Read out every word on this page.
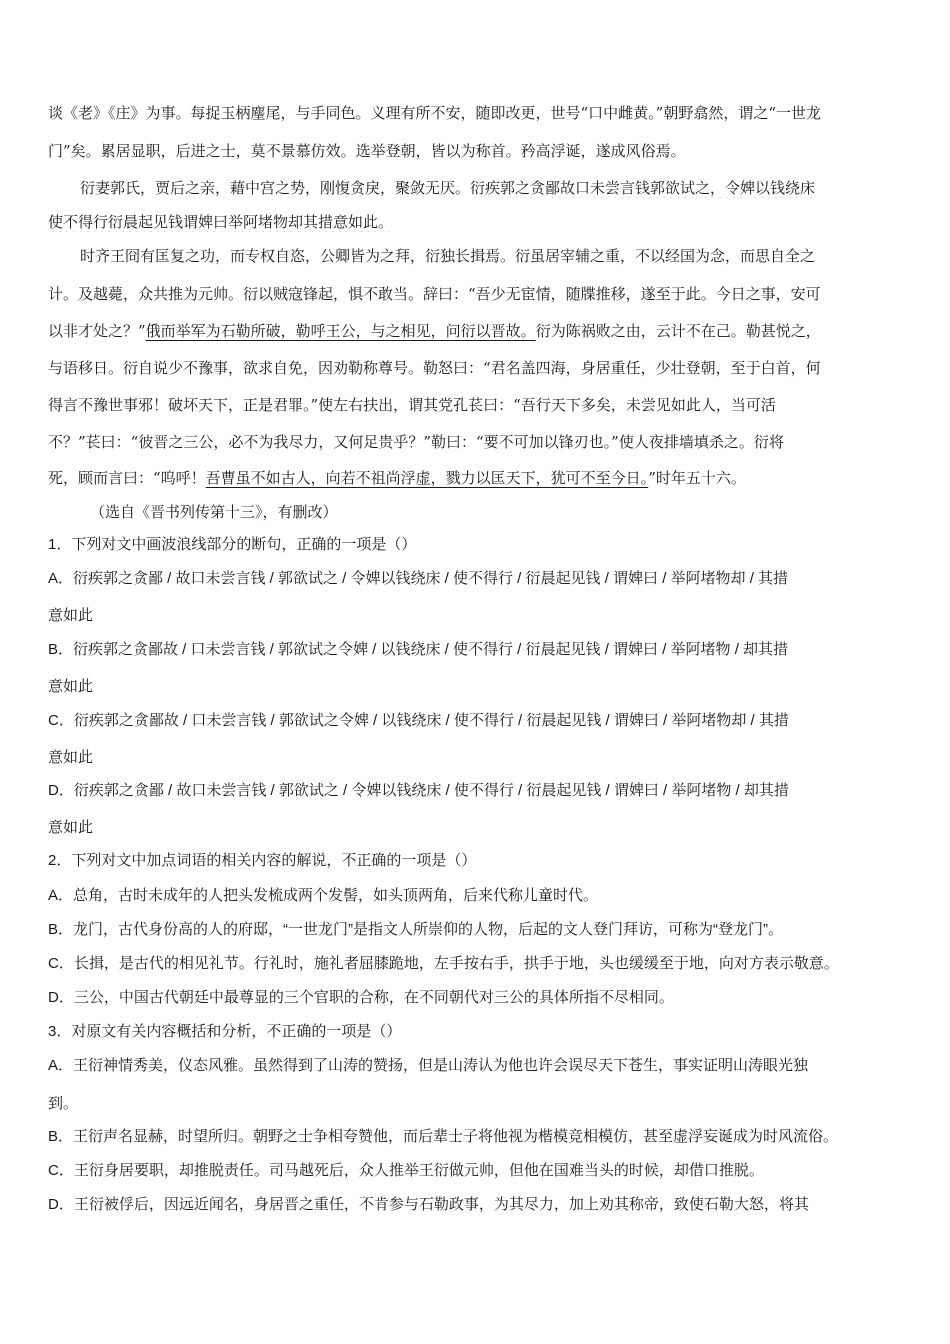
谈《老》《庄》为事。每捉玉柄麈尾，与手同色。义理有所不安，随即改更，世号“口中雌黄。”朝野翕然，谓之“一世龙
门”矣。累居显职，后进之士，莫不景慕仿效。选举登朝，皆以为称首。矜高浮诞，遂成风俗焉。
衍妻郭氏，贾后之亲，藉中宫之势，刚愎贪戾，聚敛无厌。衍疾郭之贪鄙故口未尝言钱郭欲试之，令婢以钱绕床
使不得行衍晨起见钱谓婢曰举阿堵物却其措意如此。
时齐王冏有匡复之功，而专权自恣，公卿皆为之拜，衍独长揖焉。衍虽居宰辅之重，不以经国为念，而思自全之
计。及越薨，众共推为元帅。衍以贼寇锋起，惧不敢当。辞曰：“吾少无宦情，随牒推移，遂至于此。今日之事，安可
以非才处之？”俄而举军为石勒所破，勒呼王公，与之相见，问衍以晋故。衍为陈祸败之由，云计不在己。勒甚悦之，
与语移日。衍自说少不豫事，欲求自免，因劝勒称尊号。勒怒曰：“君名盖四海，身居重任，少壮登朝，至于白首，何
得言不豫世事邪！破坏天下，正是君罪。”使左右扶出，谓其党孔苌曰：“吾行天下多矣，未尝见如此人，当可活
不？”苌曰：“彼晋之三公，必不为我尽力，又何足贵乎？”勒曰：“要不可加以锋刃也。”使人夜排墙填杀之。衍将
死，顾而言曰：“呜呼！吾曹虽不如古人，向若不祖尚浮虚，戮力以匡天下，犹可不至今日。”时年五十六。
（选自《晋书列传第十三》，有删改）
1．下列对文中画波浪线部分的断句，正确的一项是（）
A．衍疾郭之贪鄙 / 故口未尝言钱 / 郭欲试之 / 令婢以钱绕床 / 使不得行 / 衍晨起见钱 / 谓婢曰 / 举阿堵物却 / 其措
意如此
B．衍疾郭之贪鄙故 / 口未尝言钱 / 郭欲试之令婢 / 以钱绕床 / 使不得行 / 衍晨起见钱 / 谓婢曰 / 举阿堵物 / 却其措
意如此
C．衍疾郭之贪鄙故 / 口未尝言钱 / 郭欲试之令婢 / 以钱绕床 / 使不得行 / 衍晨起见钱 / 谓婢曰 / 举阿堵物却 / 其措
意如此
D．衍疾郭之贪鄙 / 故口未尝言钱 / 郭欲试之 / 令婢以钱绕床 / 使不得行 / 衍晨起见钱 / 谓婢曰 / 举阿堵物 / 却其措
意如此
2．下列对文中加点词语的相关内容的解说，不正确的一项是（）
A．总角，古时未成年的人把头发梳成两个发髻，如头顶两角，后来代称儿童时代。
B．龙门，古代身份高的人的府邸，“一世龙门”是指文人所崇仰的人物，后起的文人登门拜访，可称为“登龙门”。
C．长揖，是古代的相见礼节。行礼时，施礼者屈膝跪地，左手按右手，拱手于地，头也缓缓至于地，向对方表示敬意。
D．三公，中国古代朝廷中最尊显的三个官职的合称，在不同朝代对三公的具体所指不尽相同。
3．对原文有关内容概括和分析，不正确的一项是（）
A．王衍神情秀美，仪态风雅。虽然得到了山涛的赞扬，但是山涛认为他也许会误尽天下苍生，事实证明山涛眼光独
到。
B．王衍声名显赫，时望所归。朝野之士争相夸赞他，而后辈士子将他视为楷模竞相模仿，甚至虚浮妄诞成为时风流俗。
C．王衍身居要职，却推脱责任。司马越死后，众人推举王衍做元帅，但他在国难当头的时候，却借口推脱。
D．王衍被俘后，因远近闻名，身居晋之重任，不肯参与石勒政事，为其尽力，加上劝其称帝，致使石勒大怒，将其
